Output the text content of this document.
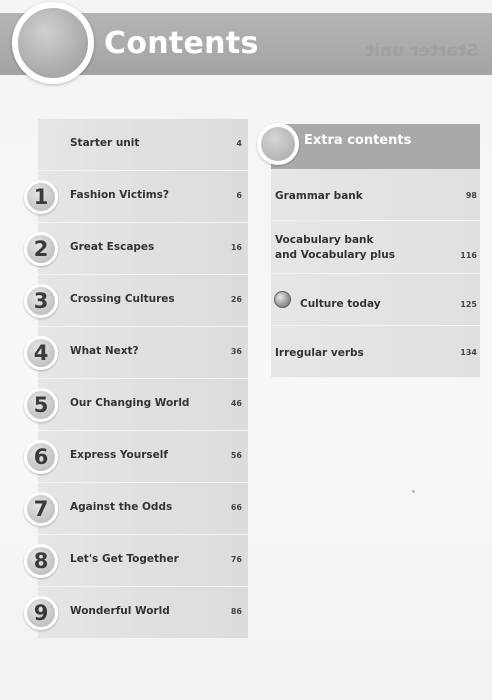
Starter unit
Contents
Starter unit	4
1	Fashion Victims?	6
2	Great Escapes	16
3	Crossing Cultures	26
4	What Next?	36
5	Our Changing World	46
6	Express Yourself	56
7	Against the Odds	66
8	Let's Get Together	76
9	Wonderful World	86
Extra contents
Grammar bank	98
Vocabulary bank
and Vocabulary plus	116
Culture today	125
Irregular verbs	134
